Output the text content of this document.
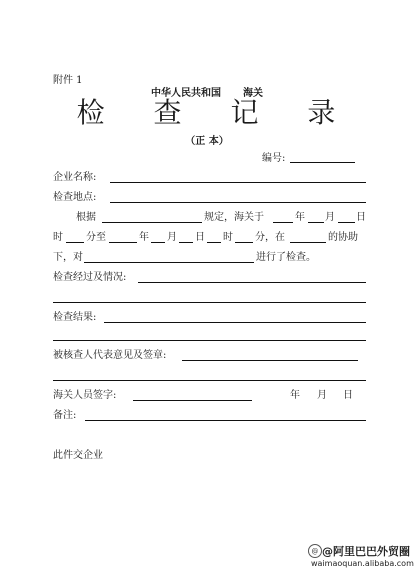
附件 1
中华人民共和国 海关
检 查 记 录
（正 本）
编号:
企业名称:
检查地点:
根据	规定，海关于	年 月 日
时 分至	年 月 日 时 分，在	的协助
下，对	进行了检查。
检查经过及情况:
检查结果:
被核查人代表意见及签章:
海关人员签字:	年 月 日
备注:
此件交企业
@ @阿里巴巴外贸圈
waimaoquan.alibaba.com
